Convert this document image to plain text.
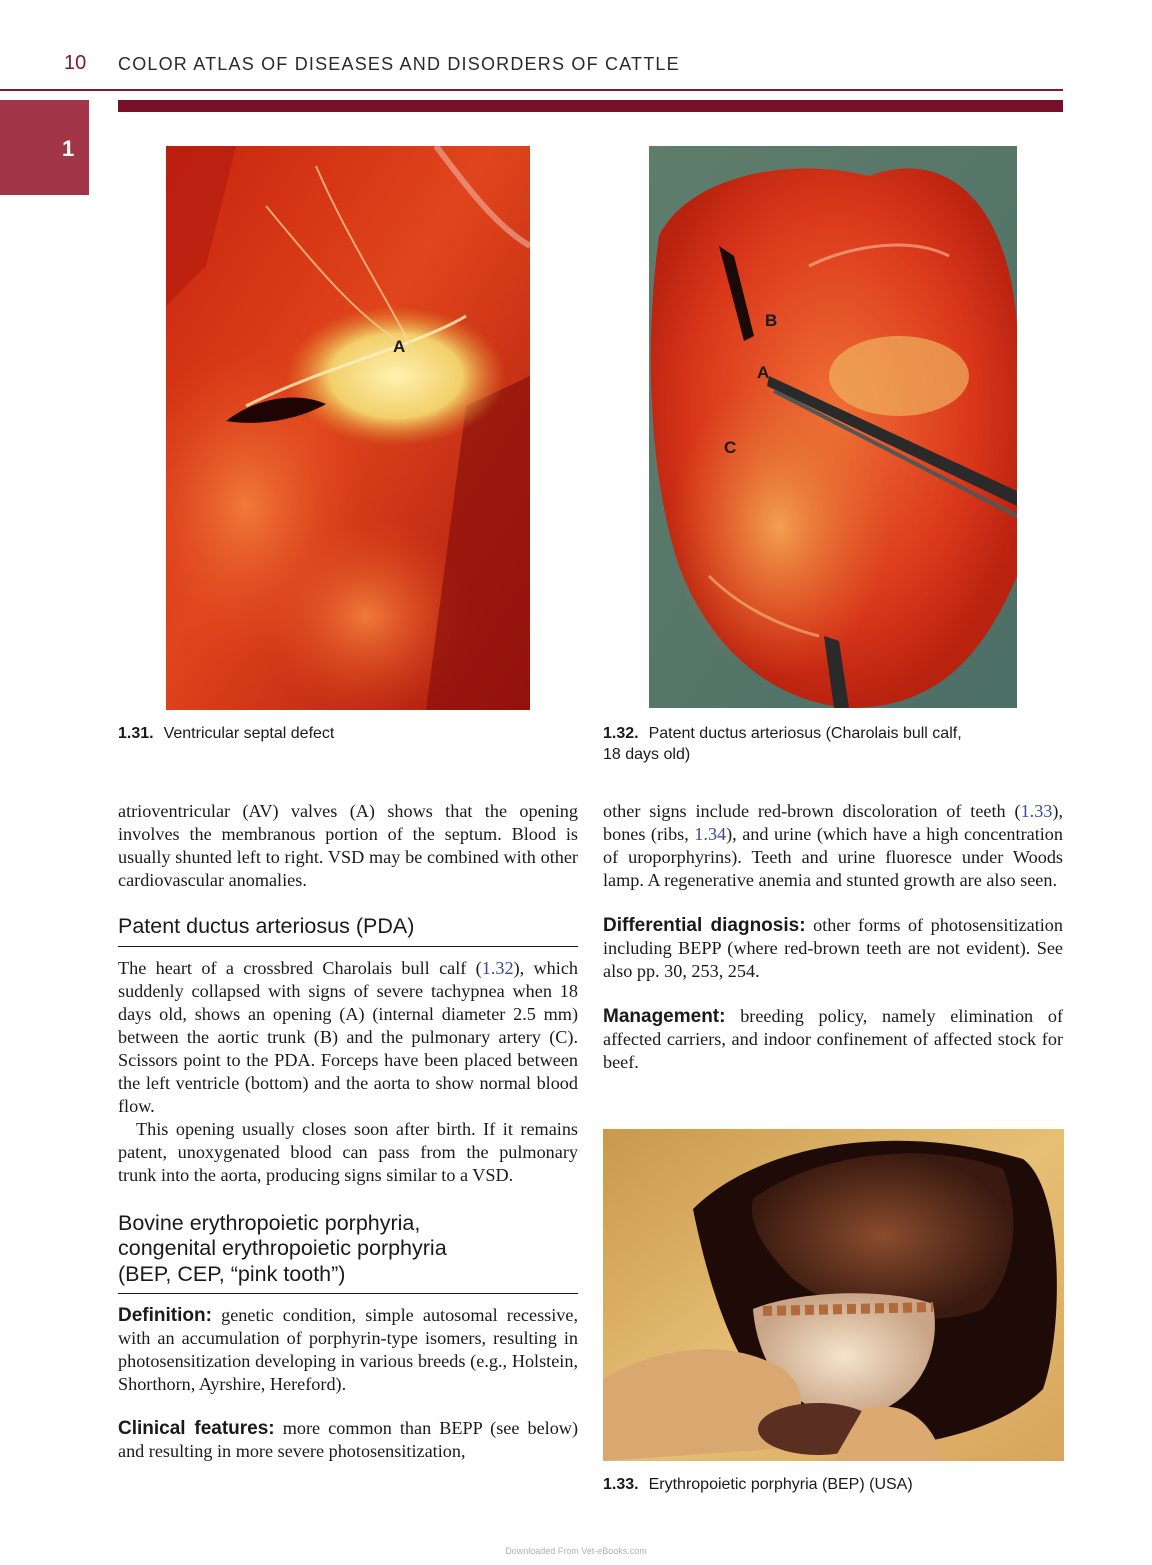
10 COLOR ATLAS OF DISEASES AND DISORDERS OF CATTLE
1
A
B
A
C
1.31. Ventricular septal defect	1.32. Patent ductus arteriosus (Charolais bull calf,
18 days old)

atrioventricular (AV) valves (A) shows that the opening involves the membranous portion of the septum. Blood is usually shunted left to right. VSD may be combined with other cardiovascular anomalies.

Patent ductus arteriosus (PDA)

The heart of a crossbred Charolais bull calf (1.32), which suddenly collapsed with signs of severe tachypnea when 18 days old, shows an opening (A) (internal diameter 2.5 mm) between the aortic trunk (B) and the pulmonary artery (C). Scissors point to the PDA. Forceps have been placed between the left ventricle (bottom) and the aorta to show normal blood flow.

This opening usually closes soon after birth. If it remains patent, unoxygenated blood can pass from the pulmonary trunk into the aorta, producing signs similar to a VSD.

Bovine erythropoietic porphyria,
congenital erythropoietic porphyria
(BEP, CEP, “pink tooth”)

Definition: genetic condition, simple autosomal recessive, with an accumulation of porphyrin-type isomers, resulting in photosensitization developing in various breeds (e.g., Holstein, Shorthorn, Ayrshire, Hereford).

Clinical features: more common than BEPP (see below) and resulting in more severe photosensitization,

other signs include red-brown discoloration of teeth (1.33), bones (ribs, 1.34), and urine (which have a high concentration of uroporphyrins). Teeth and urine fluoresce under Woods lamp. A regenerative anemia and stunted growth are also seen.

Differential diagnosis: other forms of photosensitization including BEPP (where red-brown teeth are not evident). See also pp. 30, 253, 254.

Management: breeding policy, namely elimination of affected carriers, and indoor confinement of affected stock for beef.

1.33. Erythropoietic porphyria (BEP) (USA)
Downloaded From Vet-eBooks.com
